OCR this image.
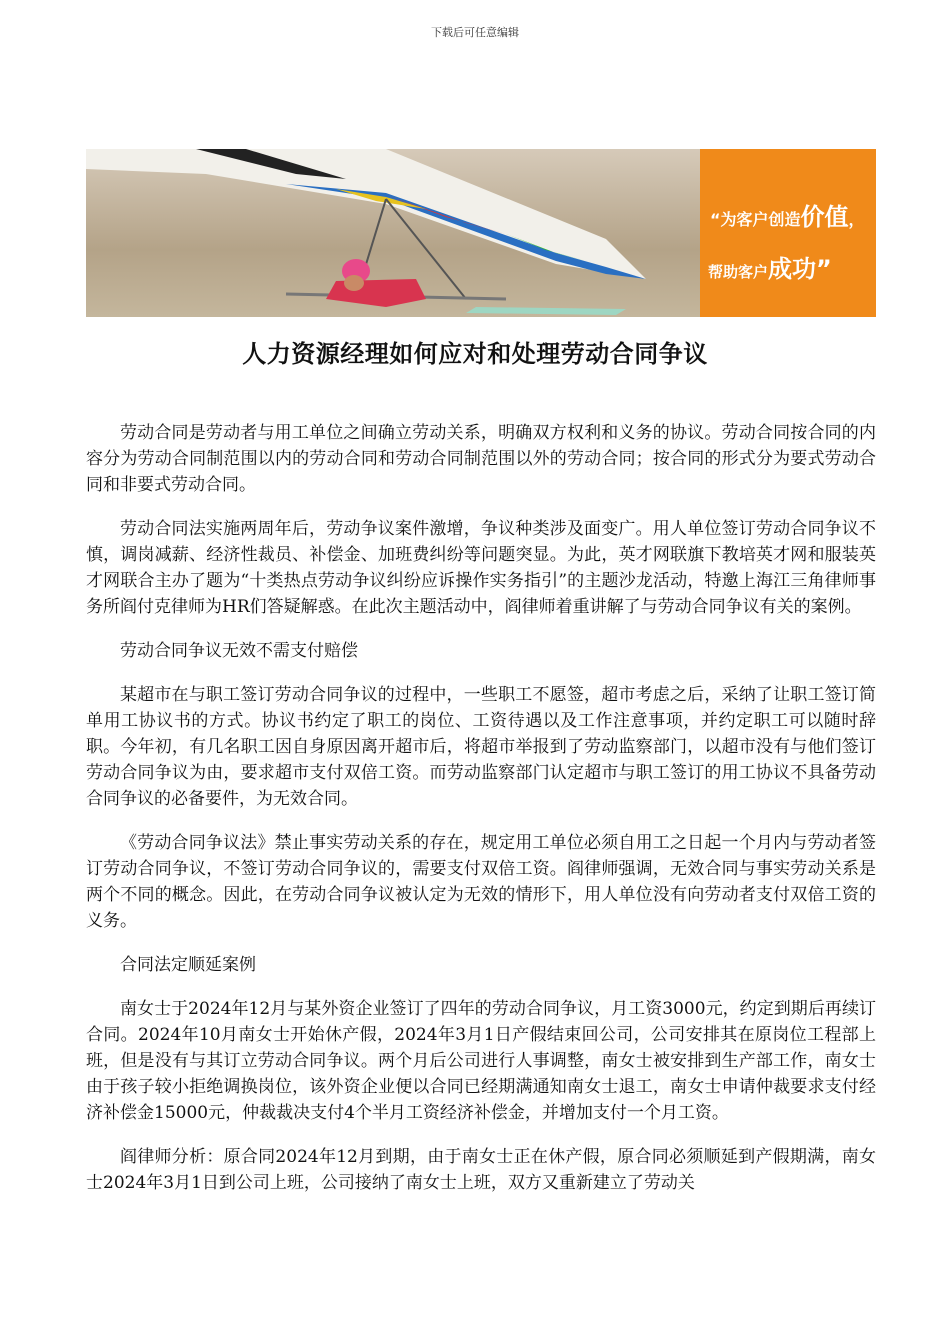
下载后可任意编辑
“为客户创造价值，
帮助客户成功”
人力资源经理如何应对和处理劳动合同争议

劳动合同是劳动者与用工单位之间确立劳动关系，明确双方权利和义务的协议。劳动合同按合同的内容分为劳动合同制范围以内的劳动合同和劳动合同制范围以外的劳动合同；按合同的形式分为要式劳动合同和非要式劳动合同。

劳动合同法实施两周年后，劳动争议案件激增，争议种类涉及面变广。用人单位签订劳动合同争议不慎，调岗减薪、经济性裁员、补偿金、加班费纠纷等问题突显。为此，英才网联旗下教培英才网和服装英才网联合主办了题为“十类热点劳动争议纠纷应诉操作实务指引”的主题沙龙活动，特邀上海江三角律师事务所阎付克律师为HR们答疑解惑。在此次主题活动中，阎律师着重讲解了与劳动合同争议有关的案例。

劳动合同争议无效不需支付赔偿

某超市在与职工签订劳动合同争议的过程中，一些职工不愿签，超市考虑之后，采纳了让职工签订简单用工协议书的方式。协议书约定了职工的岗位、工资待遇以及工作注意事项，并约定职工可以随时辞职。今年初，有几名职工因自身原因离开超市后，将超市举报到了劳动监察部门，以超市没有与他们签订劳动合同争议为由，要求超市支付双倍工资。而劳动监察部门认定超市与职工签订的用工协议不具备劳动合同争议的必备要件，为无效合同。

《劳动合同争议法》禁止事实劳动关系的存在，规定用工单位必须自用工之日起一个月内与劳动者签订劳动合同争议，不签订劳动合同争议的，需要支付双倍工资。阎律师强调，无效合同与事实劳动关系是两个不同的概念。因此，在劳动合同争议被认定为无效的情形下，用人单位没有向劳动者支付双倍工资的义务。

合同法定顺延案例

南女士于2024年12月与某外资企业签订了四年的劳动合同争议，月工资3000元，约定到期后再续订合同。2024年10月南女士开始休产假，2024年3月1日产假结束回公司，公司安排其在原岗位工程部上班，但是没有与其订立劳动合同争议。两个月后公司进行人事调整，南女士被安排到生产部工作，南女士由于孩子较小拒绝调换岗位，该外资企业便以合同已经期满通知南女士退工，南女士申请仲裁要求支付经济补偿金15000元，仲裁裁决支付4个半月工资经济补偿金，并增加支付一个月工资。

阎律师分析：原合同2024年12月到期，由于南女士正在休产假，原合同必须顺延到产假期满，南女士2024年3月1日到公司上班，公司接纳了南女士上班，双方又重新建立了劳动关
